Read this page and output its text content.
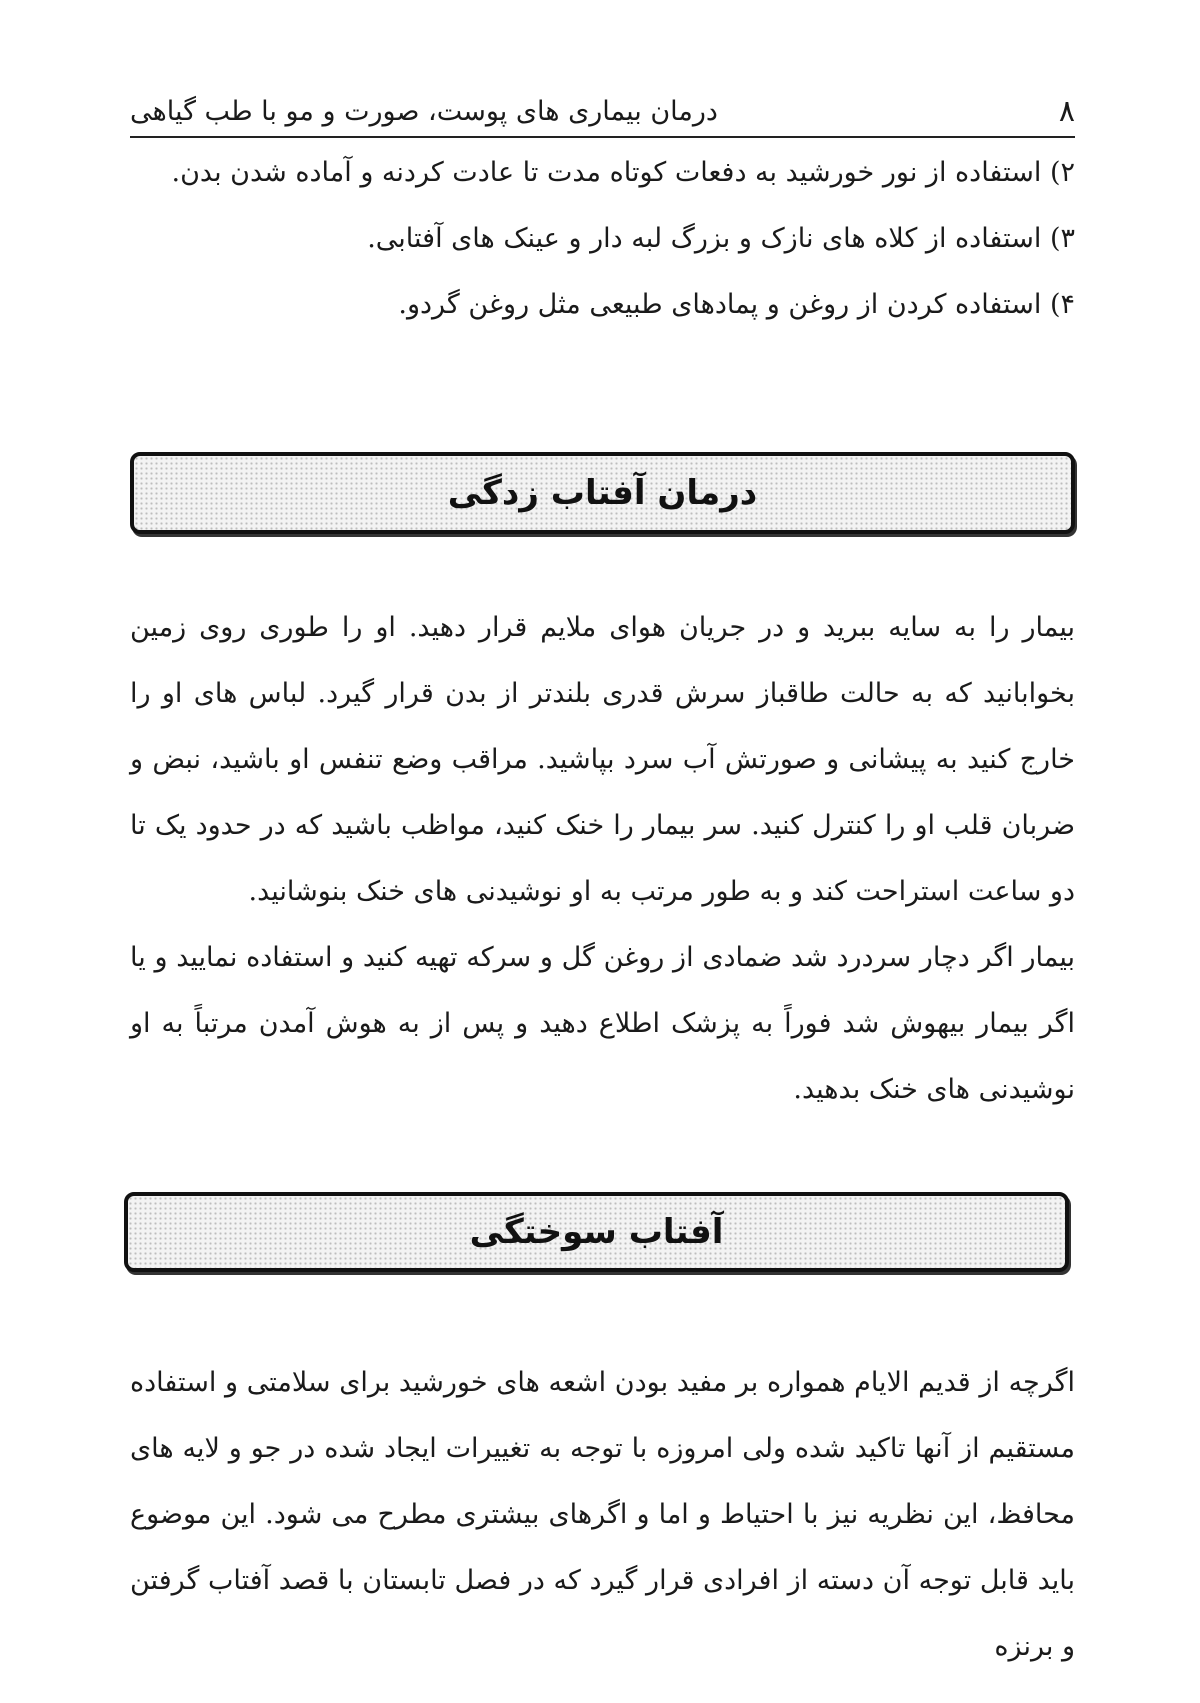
۸
درمان بیماری های پوست، صورت و مو با طب گیاهی

۲) استفاده از نور خورشید به دفعات کوتاه مدت تا عادت کردنه و آماده شدن بدن.

۳) استفاده از کلاه های نازک و بزرگ لبه دار و عینک های آفتابی.

۴) استفاده کردن از روغن و پمادهای طبیعی مثل روغن گردو.

درمان آفتاب زدگی

بیمار را به سایه ببرید و در جریان هوای ملایم قرار دهید. او را طوری روی زمین بخوابانید که به حالت طاقباز سرش قدری بلندتر از بدن قرار گیرد. لباس های او را خارج کنید به پیشانی و صورتش آب سرد بپاشید. مراقب وضع تنفس او باشید، نبض و ضربان قلب او را کنترل کنید. سر بیمار را خنک کنید، مواظب باشید که در حدود یک تا دو ساعت استراحت کند و به طور مرتب به او نوشیدنی های خنک بنوشانید.

بیمار اگر دچار سردرد شد ضمادی از روغن گل و سرکه تهیه کنید و استفاده نمایید و یا اگر بیمار بیهوش شد فوراً به پزشک اطلاع دهید و پس از به هوش آمدن مرتباً به او نوشیدنی های خنک بدهید.

آفتاب سوختگی

اگرچه از قدیم الایام همواره بر مفید بودن اشعه های خورشید برای سلامتی و استفاده مستقیم از آنها تاکید شده ولی امروزه با توجه به تغییرات ایجاد شده در جو و لایه های محافظ، این نظریه نیز با احتیاط و اما و اگرهای بیشتری مطرح می شود. این موضوع باید قابل توجه آن دسته از افرادی قرار گیرد که در فصل تابستان با قصد آفتاب گرفتن و برنزه
